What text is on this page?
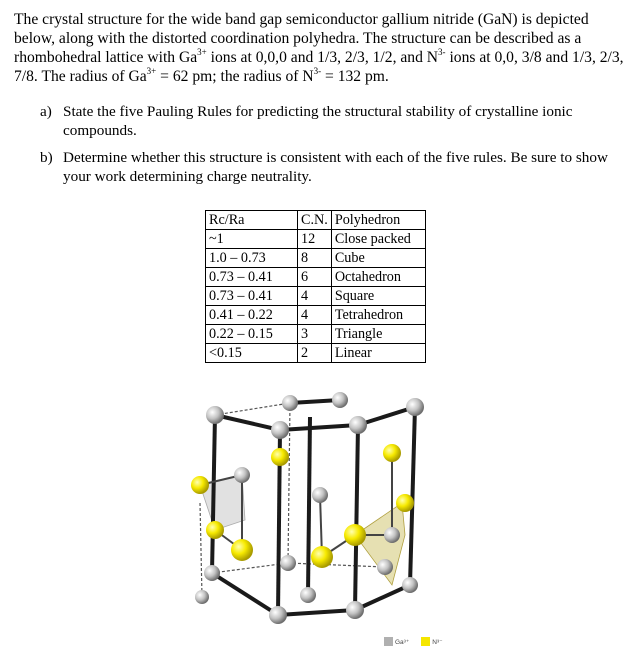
The crystal structure for the wide band gap semiconductor gallium nitride (GaN) is depicted below, along with the distorted coordination polyhedra. The structure can be described as a rhombohedral lattice with $Ga^{3+}$ ions at 0,0,0 and 1/3, 2/3, 1/2, and $N^{3-}$ ions at 0,0, 3/8 and 1/3, 2/3, 7/8. The radius of $Ga^{3+} = 62$ pm; the radius of $N^{3-} = 132$ pm.

a) State the five Pauling Rules for predicting the structural stability of crystalline ionic compounds.
b) Determine whether this structure is consistent with each of the five rules. Be sure to show your work determining charge neutrality.
Rc/Ra	C.N.	Polyhedron
~1	12	Close packed
1.0 – 0.73	8	Cube
0.73 – 0.41	6	Octahedron
0.73 – 0.41	4	Square
0.41 – 0.22	4	Tetrahedron
0.22 – 0.15	3	Triangle
<0.15	2	Linear
Ga³⁺	N³⁻
